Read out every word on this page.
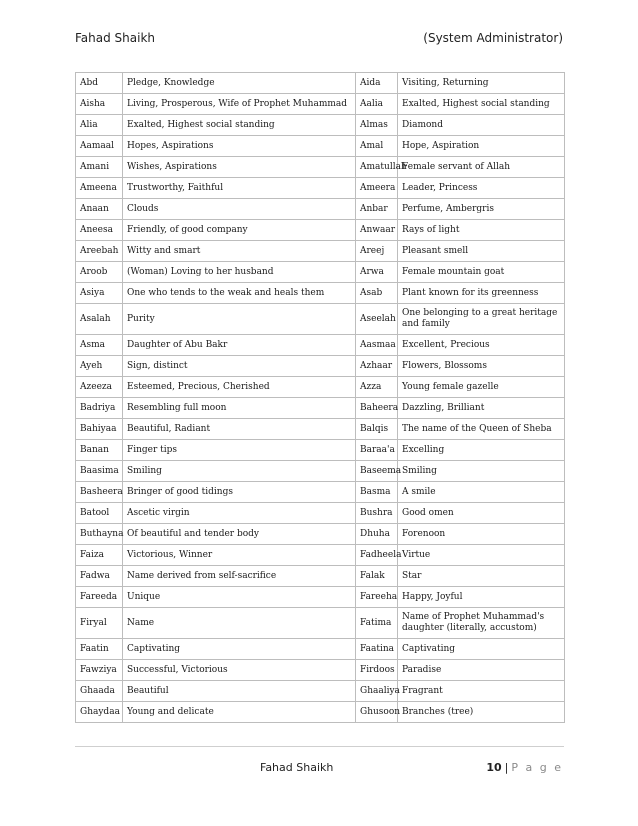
Fahad Shaikh	(System Administrator)
Abd	Pledge, Knowledge	Aida	Visiting, Returning
Aisha	Living, Prosperous, Wife of Prophet Muhammad	Aalia	Exalted, Highest social standing
Alia	Exalted, Highest social standing	Almas	Diamond
Aamaal	Hopes, Aspirations	Amal	Hope, Aspiration
Amani	Wishes, Aspirations	Amatullah	Female servant of Allah
Ameena	Trustworthy, Faithful	Ameera	Leader, Princess
Anaan	Clouds	Anbar	Perfume, Ambergris
Aneesa	Friendly, of good company	Anwaar	Rays of light
Areebah	Witty and smart	Areej	Pleasant smell
Aroob	(Woman) Loving to her husband	Arwa	Female mountain goat
Asiya	One who tends to the weak and heals them	Asab	Plant known for its greenness
Asalah	Purity	Aseelah	One belonging to a great heritage and family
Asma	Daughter of Abu Bakr	Aasmaa	Excellent, Precious
Ayeh	Sign, distinct	Azhaar	Flowers, Blossoms
Azeeza	Esteemed, Precious, Cherished	Azza	Young female gazelle
Badriya	Resembling full moon	Baheera	Dazzling, Brilliant
Bahiyaa	Beautiful, Radiant	Balqis	The name of the Queen of Sheba
Banan	Finger tips	Baraa'a	Excelling
Baasima	Smiling	Baseema	Smiling
Basheera	Bringer of good tidings	Basma	A smile
Batool	Ascetic virgin	Bushra	Good omen
Buthayna	Of beautiful and tender body	Dhuha	Forenoon
Faiza	Victorious, Winner	Fadheela	Virtue
Fadwa	Name derived from self-sacrifice	Falak	Star
Fareeda	Unique	Fareeha	Happy, Joyful
Firyal	Name	Fatima	Name of Prophet Muhammad's daughter (literally, accustom)
Faatin	Captivating	Faatina	Captivating
Fawziya	Successful, Victorious	Firdoos	Paradise
Ghaada	Beautiful	Ghaaliya	Fragrant
Ghaydaa	Young and delicate	Ghusoon	Branches (tree)
Fahad Shaikh	10 | P a g e
